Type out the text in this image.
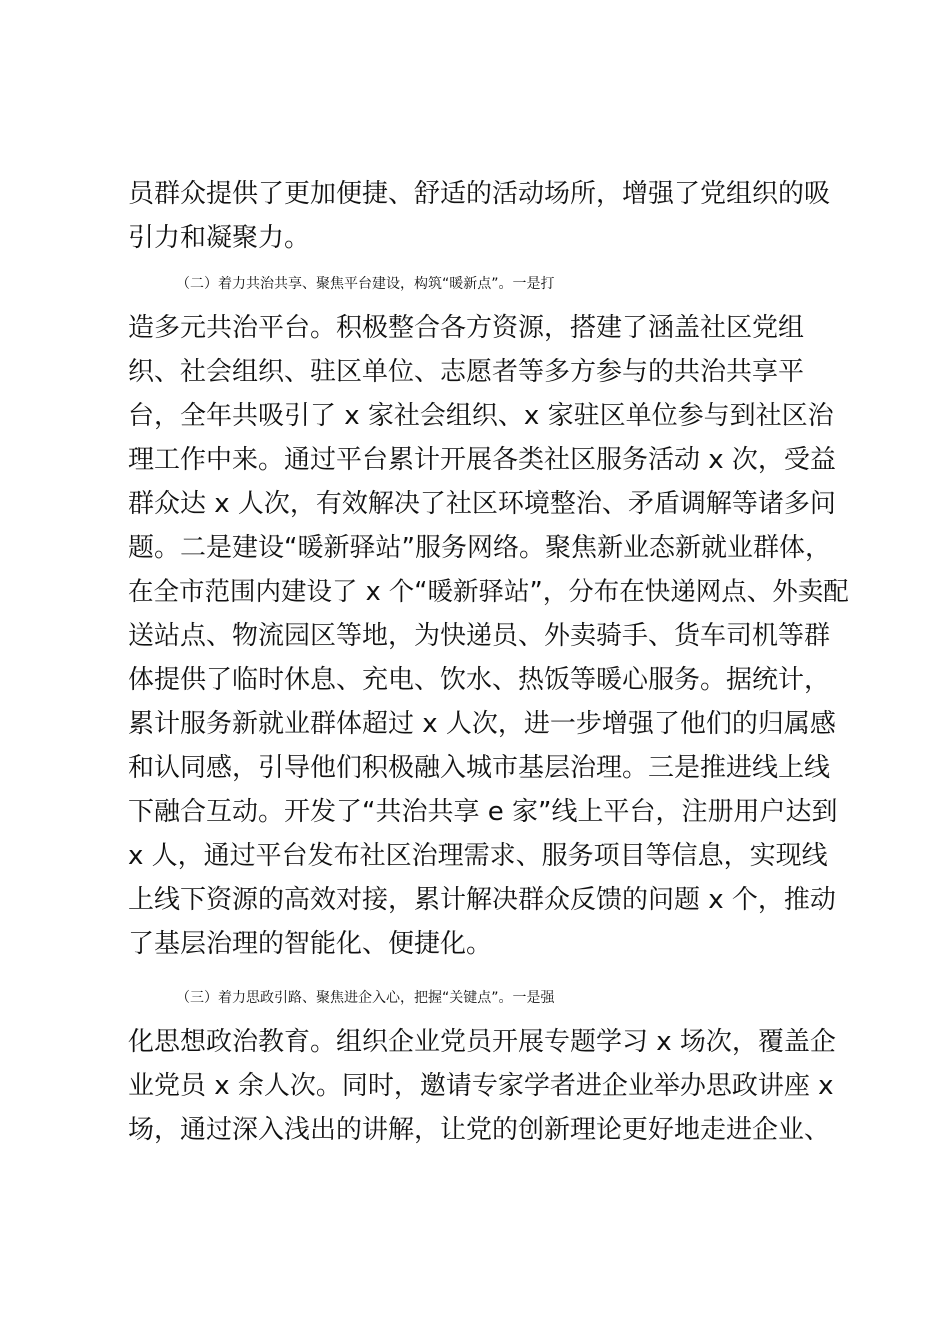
员群众提供了更加便捷、舒适的活动场所，增强了党组织的吸
引力和凝聚力。
（二）着力共治共享、聚焦平台建设，构筑“暖新点”。一是打
造多元共治平台。积极整合各方资源，搭建了涵盖社区党组
织、社会组织、驻区单位、志愿者等多方参与的共治共享平
台，全年共吸引了 x 家社会组织、x 家驻区单位参与到社区治
理工作中来。通过平台累计开展各类社区服务活动 x 次，受益
群众达 x 人次，有效解决了社区环境整治、矛盾调解等诸多问
题。二是建设“暖新驿站”服务网络。聚焦新业态新就业群体，
在全市范围内建设了 x 个“暖新驿站”，分布在快递网点、外卖配
送站点、物流园区等地，为快递员、外卖骑手、货车司机等群
体提供了临时休息、充电、饮水、热饭等暖心服务。据统计，
累计服务新就业群体超过 x 人次，进一步增强了他们的归属感
和认同感，引导他们积极融入城市基层治理。三是推进线上线
下融合互动。开发了“共治共享 e 家”线上平台，注册用户达到
x 人，通过平台发布社区治理需求、服务项目等信息，实现线
上线下资源的高效对接，累计解决群众反馈的问题 x 个，推动
了基层治理的智能化、便捷化。
（三）着力思政引路、聚焦进企入心，把握“关键点”。一是强
化思想政治教育。组织企业党员开展专题学习 x 场次，覆盖企
业党员 x 余人次。同时，邀请专家学者进企业举办思政讲座 x
场，通过深入浅出的讲解，让党的创新理论更好地走进企业、
